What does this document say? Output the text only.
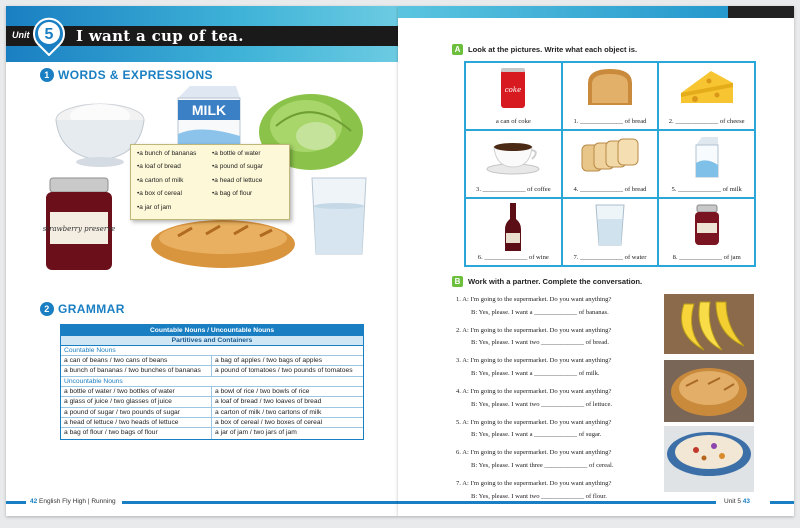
Unit 5 I want a cup of tea.
1 WORDS & EXPRESSIONS
MILK
strawberry preserve
• a bunch of bananas	• a bottle of water
• a loaf of bread	• a pound of sugar
• a carton of milk	• a head of lettuce
• a box of cereal	• a bag of flour
• a jar of jam
2 GRAMMAR
Countable Nouns / Uncountable Nouns
Partitives and Containers
Countable Nouns
a can of beans / two cans of beans	a bag of apples / two bags of apples
a bunch of bananas / two bunches of bananas	a pound of tomatoes / two pounds of tomatoes
Uncountable Nouns
a bottle of water / two bottles of water	a bowl of rice / two bowls of rice
a glass of juice / two glasses of juice	a loaf of bread / two loaves of bread
a pound of sugar / two pounds of sugar	a carton of milk / two cartons of milk
a head of lettuce / two heads of lettuce	a box of cereal / two boxes of cereal
a bag of flour / two bags of flour	a jar of jam / two jars of jam
42 English Fly High | Running
A	Look at the pictures. Write what each object is.
coke
a can of coke	1. _____________ of bread	2. _____________ of cheese
3. _____________ of coffee	4. _____________ of bread	5. _____________ of milk
6. _____________ of wine	7. _____________ of water	8. _____________ of jam
B	Work with a partner. Complete the conversation.
1. A: I'm going to the supermarket. Do you want anything?
B: Yes, please. I want a _____________ of bananas.
2. A: I'm going to the supermarket. Do you want anything?
B: Yes, please. I want two _____________ of bread.
3. A: I'm going to the supermarket. Do you want anything?
B: Yes, please. I want a _____________ of milk.
4. A: I'm going to the supermarket. Do you want anything?
B: Yes, please. I want two _____________ of lettuce.
5. A: I'm going to the supermarket. Do you want anything?
B: Yes, please. I want a _____________ of sugar.
6. A: I'm going to the supermarket. Do you want anything?
B: Yes, please. I want three _____________ of cereal.
7. A: I'm going to the supermarket. Do you want anything?
B: Yes, please. I want two _____________ of flour.
Unit 5 43
